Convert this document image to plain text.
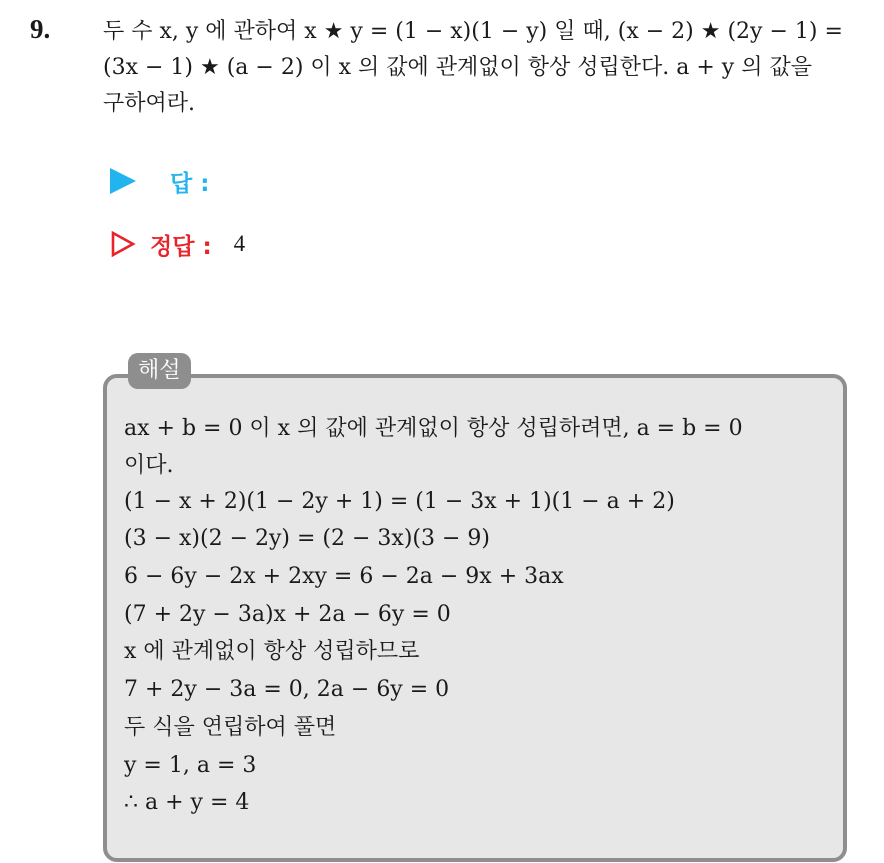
9. 두 수 x, y 에 관하여 x ★ y = (1 − x)(1 − y) 일 때, (x − 2) ★ (2y − 1) =
(3x − 1) ★ (a − 2) 이 x 의 값에 관계없이 항상 성립한다. a + y 의 값을
구하여라.
답 :
정답 : 4
해설
ax + b = 0 이 x 의 값에 관계없이 항상 성립하려면, a = b = 0
이다.
(1 − x + 2)(1 − 2y + 1) = (1 − 3x + 1)(1 − a + 2)
(3 − x)(2 − 2y) = (2 − 3x)(3 − 9)
6 − 6y − 2x + 2xy = 6 − 2a − 9x + 3ax
(7 + 2y − 3a)x + 2a − 6y = 0
x 에 관계없이 항상 성립하므로
7 + 2y − 3a = 0, 2a − 6y = 0
두 식을 연립하여 풀면
y = 1, a = 3
∴ a + y = 4
